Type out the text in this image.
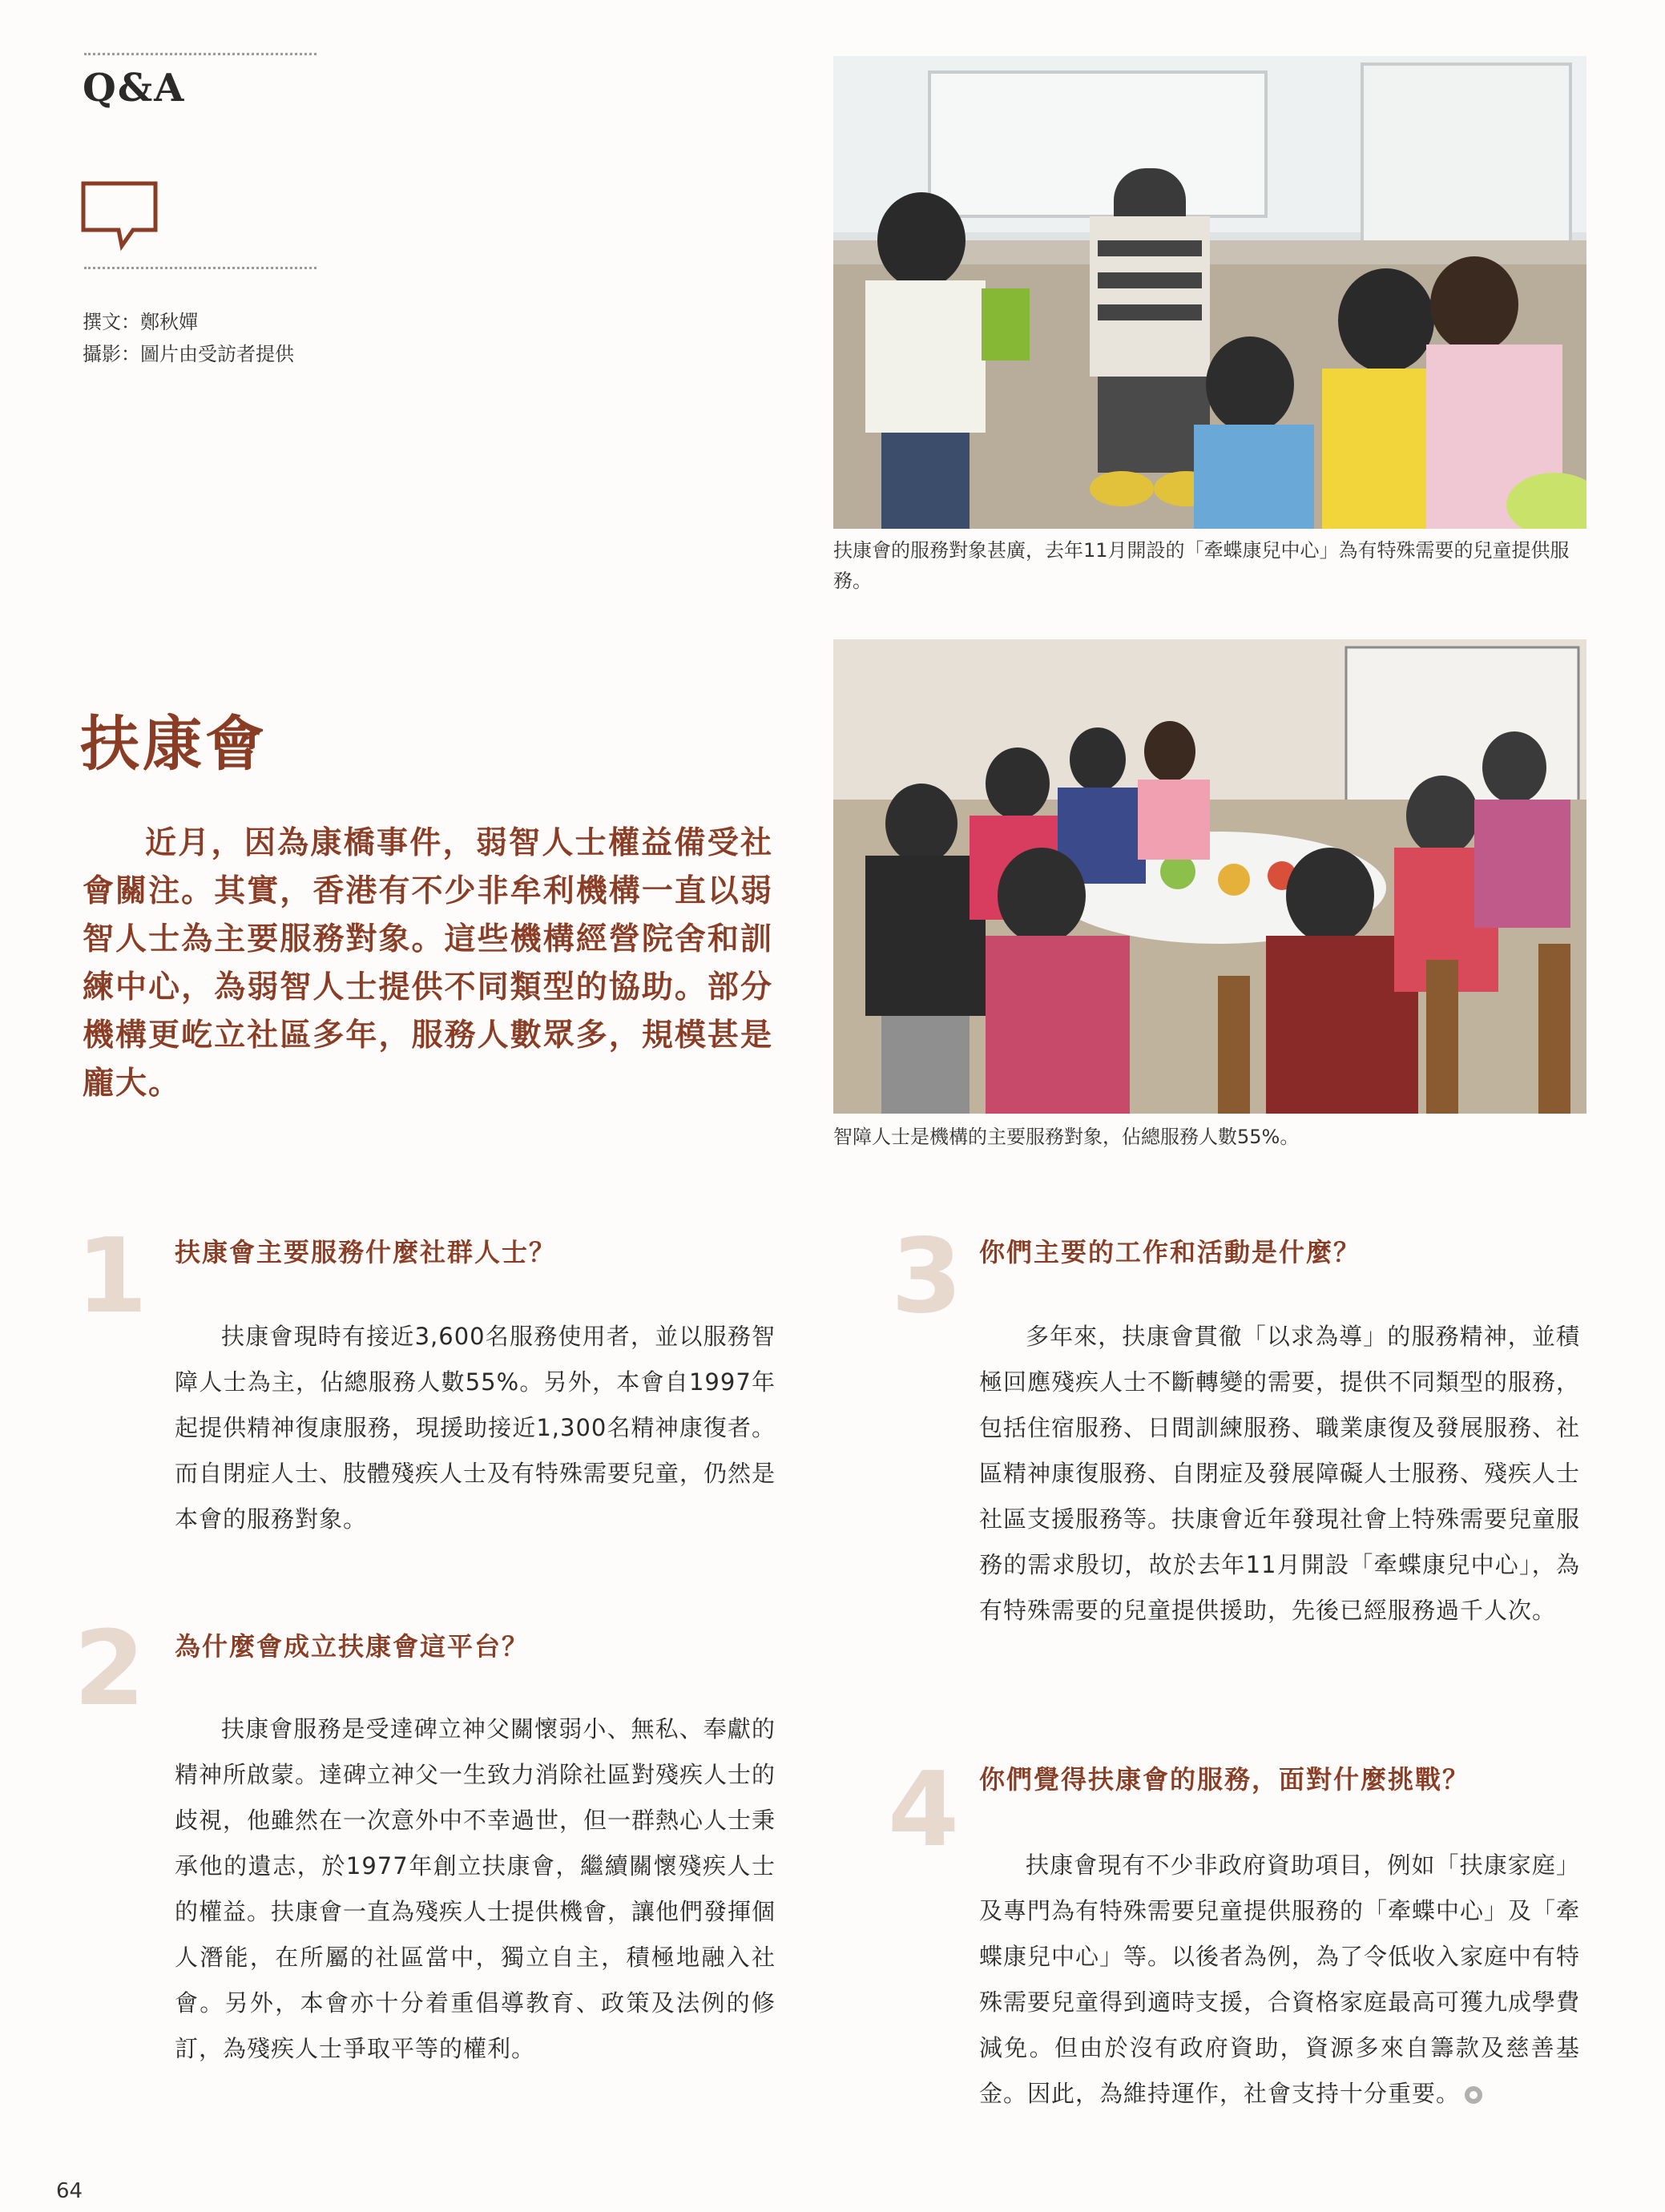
Q&A
撰文：鄭秋嬋
攝影：圖片由受訪者提供
扶康會的服務對象甚廣，去年11月開設的「牽蝶康兒中心」為有特殊需要的兒童提供服務。
扶康會
近月，因為康橋事件，弱智人士權益備受社會關注。其實，香港有不少非牟利機構一直以弱智人士為主要服務對象。這些機構經營院舍和訓練中心，為弱智人士提供不同類型的協助。部分機構更屹立社區多年，服務人數眾多，規模甚是龐大。
智障人士是機構的主要服務對象，佔總服務人數55%。
1 扶康會主要服務什麼社群人士？
扶康會現時有接近3,600名服務使用者，並以服務智障人士為主，佔總服務人數55%。另外，本會自1997年起提供精神復康服務，現援助接近1,300名精神康復者。而自閉症人士、肢體殘疾人士及有特殊需要兒童，仍然是本會的服務對象。
2 為什麼會成立扶康會這平台？
扶康會服務是受達碑立神父關懷弱小、無私、奉獻的精神所啟蒙。達碑立神父一生致力消除社區對殘疾人士的歧視，他雖然在一次意外中不幸過世，但一群熱心人士秉承他的遺志，於1977年創立扶康會，繼續關懷殘疾人士的權益。扶康會一直為殘疾人士提供機會，讓他們發揮個人潛能，在所屬的社區當中，獨立自主，積極地融入社會。另外，本會亦十分着重倡導教育、政策及法例的修訂，為殘疾人士爭取平等的權利。
3 你們主要的工作和活動是什麼？
多年來，扶康會貫徹「以求為導」的服務精神，並積極回應殘疾人士不斷轉變的需要，提供不同類型的服務，包括住宿服務、日間訓練服務、職業康復及發展服務、社區精神康復服務、自閉症及發展障礙人士服務、殘疾人士社區支援服務等。扶康會近年發現社會上特殊需要兒童服務的需求殷切，故於去年11月開設「牽蝶康兒中心」，為有特殊需要的兒童提供援助，先後已經服務過千人次。
4 你們覺得扶康會的服務，面對什麼挑戰？
扶康會現有不少非政府資助項目，例如「扶康家庭」及專門為有特殊需要兒童提供服務的「牽蝶中心」及「牽蝶康兒中心」等。以後者為例，為了令低收入家庭中有特殊需要兒童得到適時支援，合資格家庭最高可獲九成學費減免。但由於沒有政府資助，資源多來自籌款及慈善基金。因此，為維持運作，社會支持十分重要。
64
